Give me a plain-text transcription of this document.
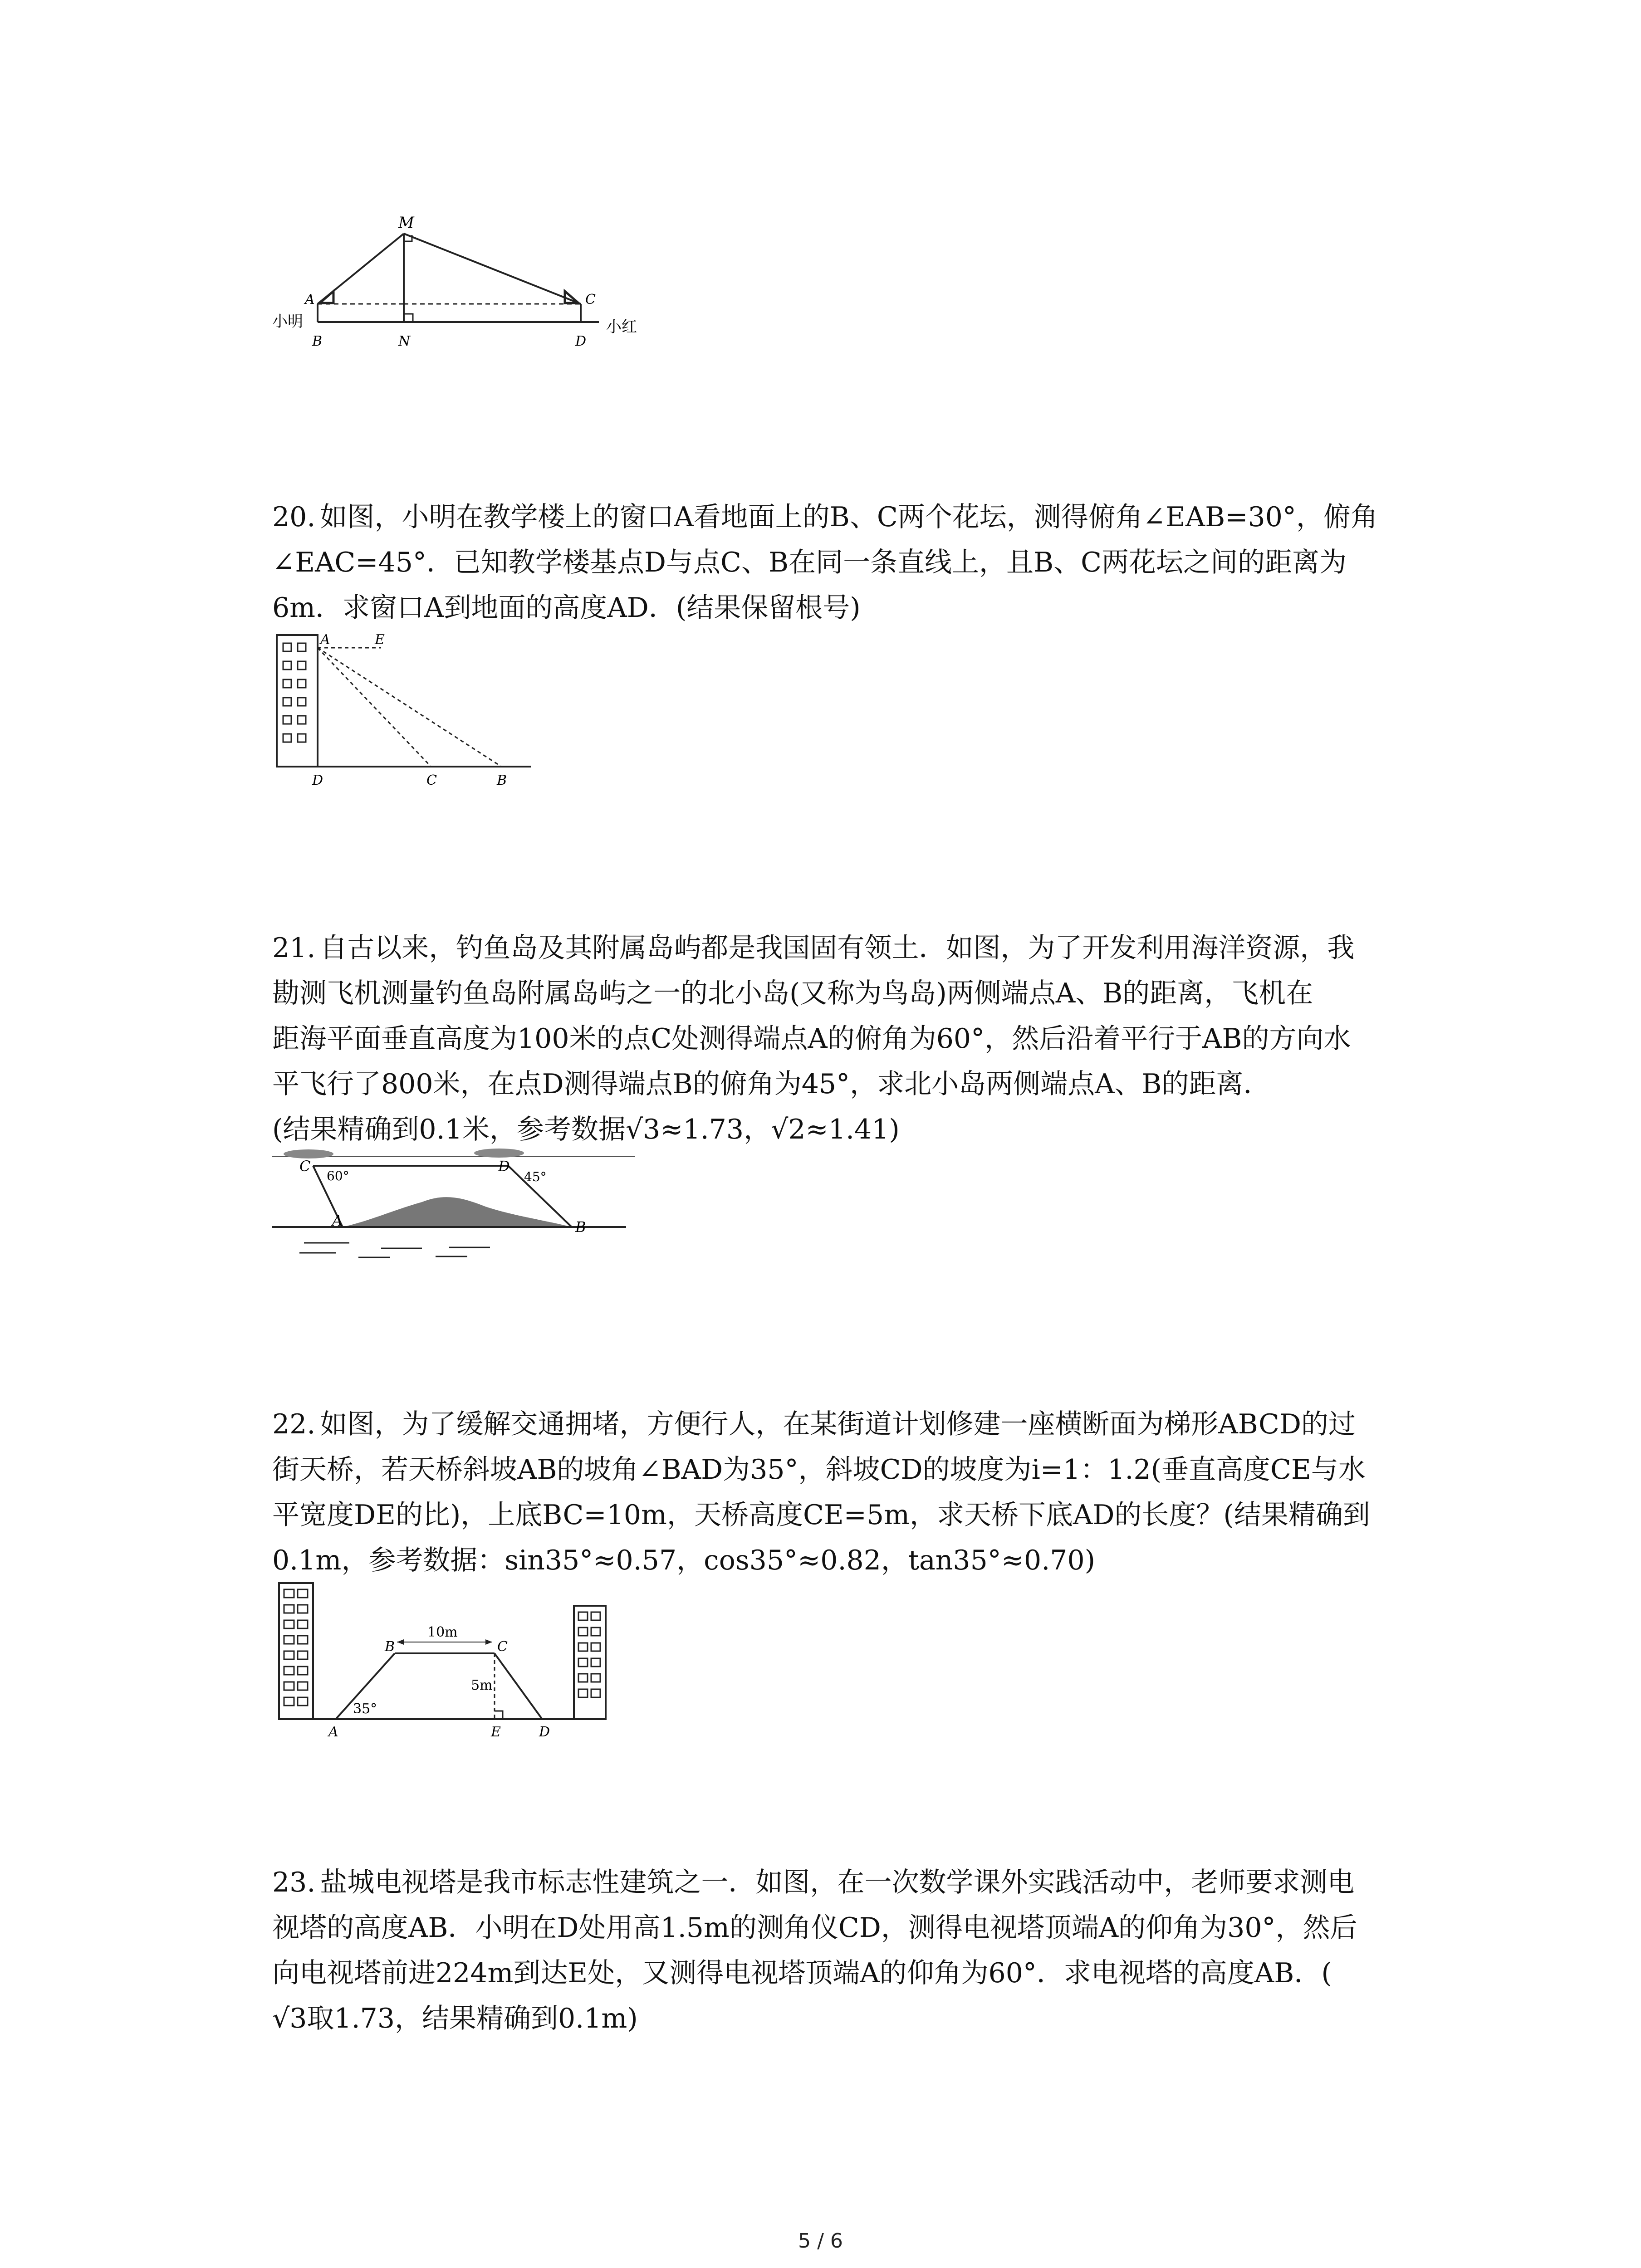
M
A
B	N	D
C
小明	小红
20. 如图，小明在教学楼上的窗口A看地面上的B、C两个花坛，测得俯角∠EAB=30°，俯角
∠EAC=45°．已知教学楼基点D与点C、B在同一条直线上，且B、C两花坛之间的距离为
6m．求窗口A到地面的高度AD．(结果保留根号)
A	E
D	C	B
21. 自古以来，钓鱼岛及其附属岛屿都是我国固有领土．如图，为了开发利用海洋资源，我
勘测飞机测量钓鱼岛附属岛屿之一的北小岛(又称为鸟岛)两侧端点A、B的距离，飞机在
距海平面垂直高度为100米的点C处测得端点A的俯角为60°，然后沿着平行于AB的方向水
平飞行了800米，在点D测得端点B的俯角为45°，求北小岛两侧端点A、B的距离．
(结果精确到0.1米，参考数据√3≈1.73，√2≈1.41)
C	D
A	B
60°	45°
22. 如图，为了缓解交通拥堵，方便行人，在某街道计划修建一座横断面为梯形ABCD的过
街天桥，若天桥斜坡AB的坡角∠BAD为35°，斜坡CD的坡度为i=1：1.2(垂直高度CE与水
平宽度DE的比)，上底BC=10m，天桥高度CE=5m，求天桥下底AD的长度？(结果精确到
0.1m，参考数据：sin35°≈0.57，cos35°≈0.82，tan35°≈0.70)
10m
5m
35°
B	C
A	E	D
23. 盐城电视塔是我市标志性建筑之一．如图，在一次数学课外实践活动中，老师要求测电
视塔的高度AB．小明在D处用高1.5m的测角仪CD，测得电视塔顶端A的仰角为30°，然后
向电视塔前进224m到达E处，又测得电视塔顶端A的仰角为60°．求电视塔的高度AB．(
√3取1.73，结果精确到0.1m)
5 / 6
